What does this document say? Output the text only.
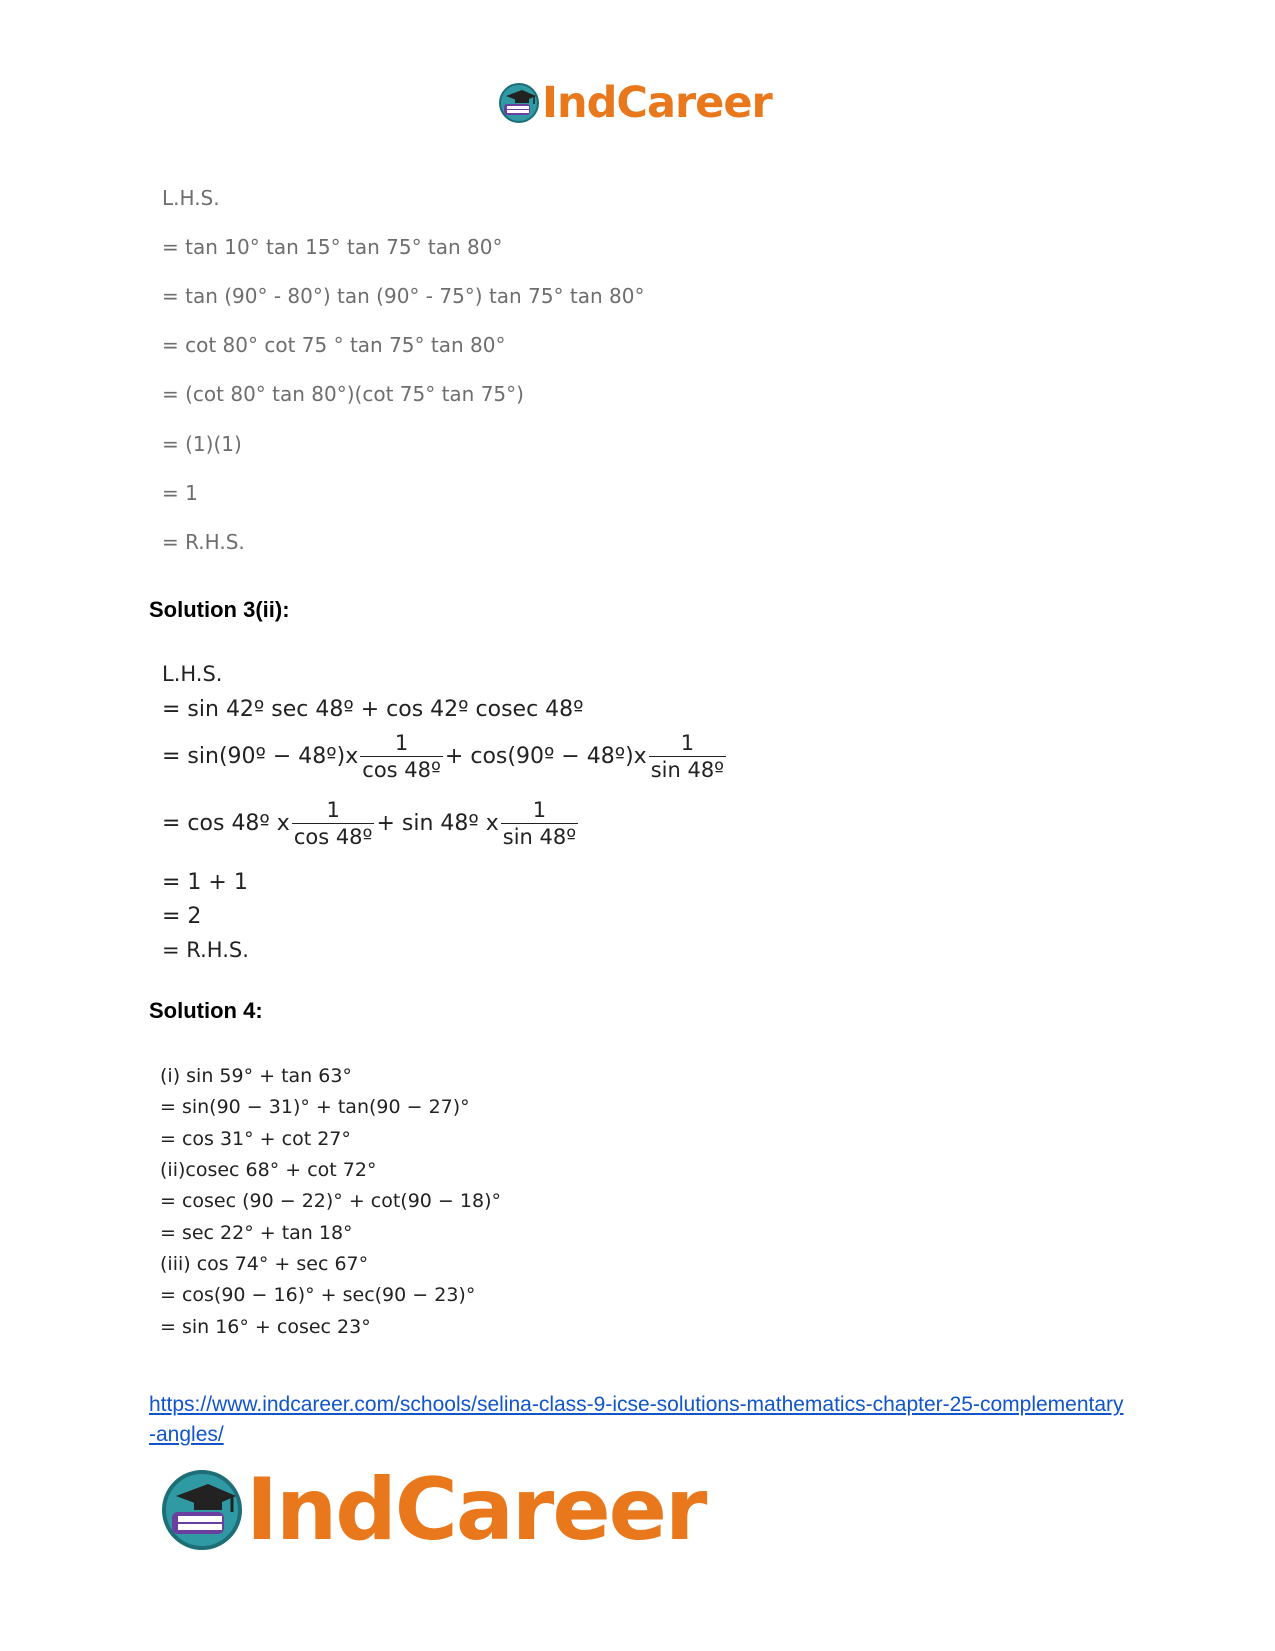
IndCareer
L.H.S.
= tan 10° tan 15° tan 75° tan 80°
= tan (90° - 80°) tan (90° - 75°) tan 75° tan 80°
= cot 80° cot 75 ° tan 75° tan 80°
= (cot 80° tan 80°)(cot 75° tan 75°)
= (1)(1)
= 1
= R.H.S.
Solution 3(ii):
L.H.S.
= sin 42º sec 48º + cos 42º cosec 48º
= sin(90º − 48º)x $\frac{1}{\text{cos 48º}}$ + cos(90º − 48º)x $\frac{1}{\text{sin 48º}}$
= cos 48º x $\frac{1}{\text{cos 48º}} + \sin$ 48º x $\frac{1}{\text{sin 48º}}$
= 1 + 1
= 2
= R.H.S.
Solution 4:
(i) sin 59° + tan 63°
= sin(90 − 31)° + tan(90 − 27)°
= cos 31° + cot 27°
(ii)cosec 68° + cot 72°
= cosec (90 − 22)° + cot(90 − 18)°
= sec 22° + tan 18°
(iii) cos 74° + sec 67°
= cos(90 − 16)° + sec(90 − 23)°
= sin 16° + cosec 23°
https://www.indcareer.com/schools/selina-class-9-icse-solutions-mathematics-chapter-25-complementary-angles/
IndCareer
